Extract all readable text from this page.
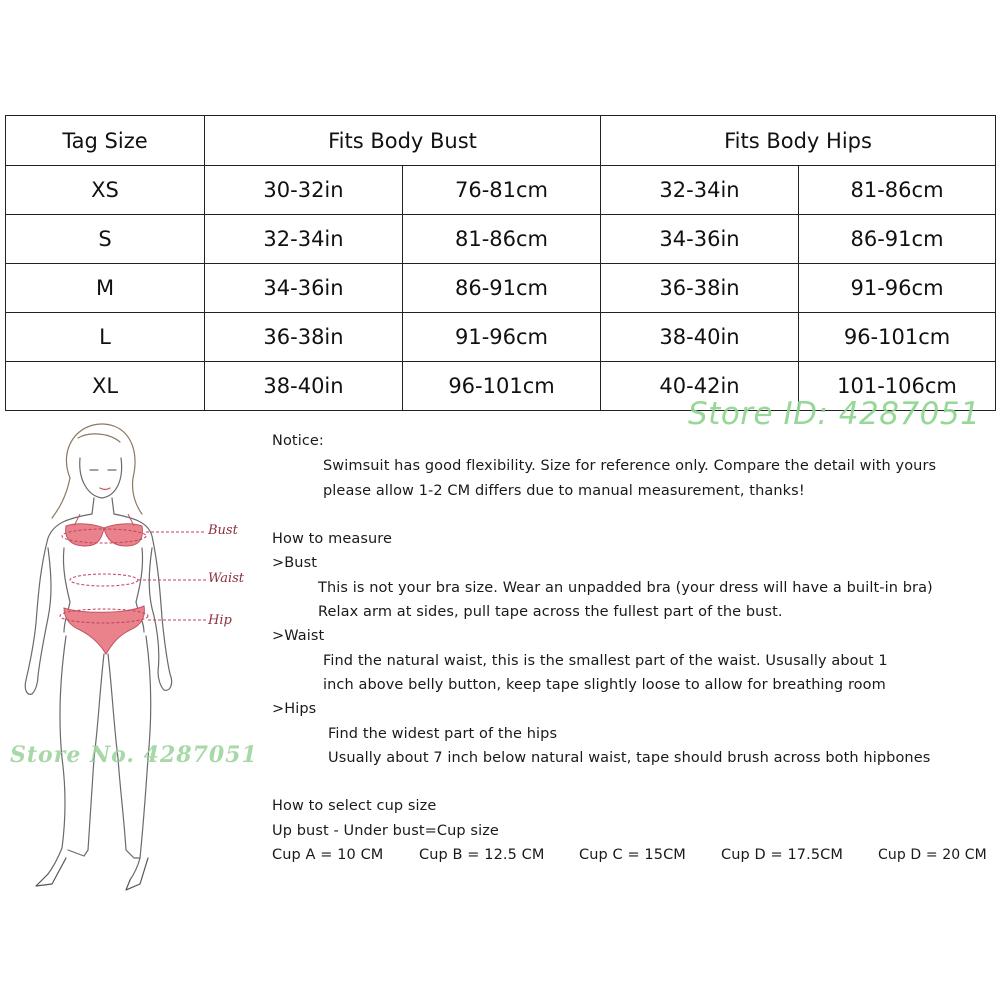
Tag Size	Fits Body Bust		Fits Body Hips	
XS	30-32in	76-81cm	32-34in	81-86cm
S	32-34in	81-86cm	34-36in	86-91cm
M	34-36in	86-91cm	36-38in	91-96cm
L	36-38in	91-96cm	38-40in	96-101cm
XL	38-40in	96-101cm	40-42in	101-106cm
Store ID: 4287051
Bust
Waist
Hip
Store No. 4287051
Notice:
Swimsuit has good flexibility. Size for reference only. Compare the detail with yours
please allow 1-2 CM differs due to manual measurement, thanks!
How to measure
>Bust
This is not your bra size. Wear an unpadded bra (your dress will have a built-in bra)
Relax arm at sides, pull tape across the fullest part of the bust.
>Waist
Find the natural waist, this is the smallest part of the waist. Ususally about 1
inch above belly button, keep tape slightly loose to allow for breathing room
>Hips
Find the widest part of the hips
Usually about 7 inch below natural waist, tape should brush across both hipbones
How to select cup size
Up bust - Under bust=Cup size
Cup A = 10 CM Cup B = 12.5 CM Cup C = 15CM Cup D = 17.5CM	Cup D = 20 CM
